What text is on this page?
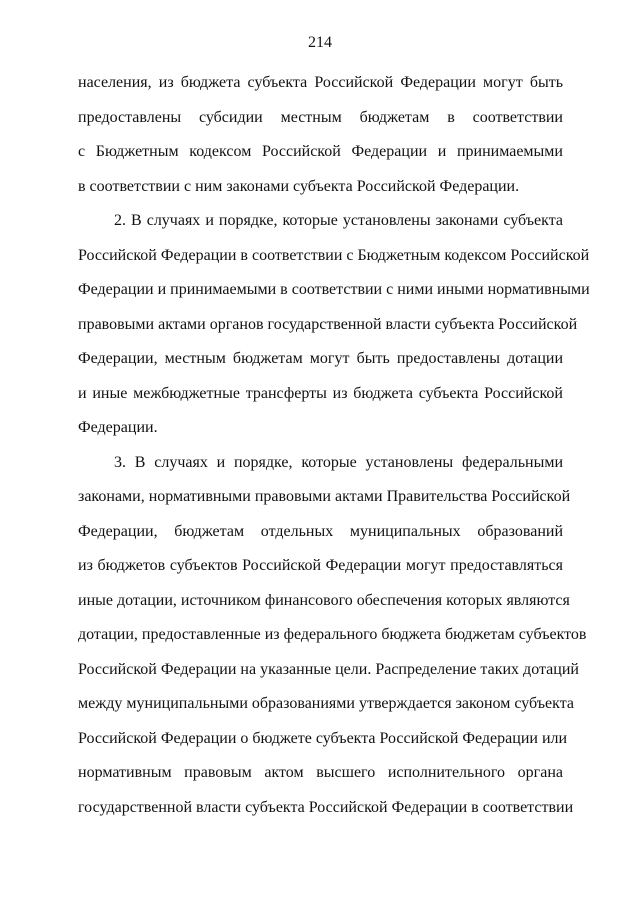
214

населения, из бюджета субъекта Российской Федерации могут быть
предоставлены субсидии местным бюджетам в соответствии
с Бюджетным кодексом Российской Федерации и принимаемыми
в соответствии с ним законами субъекта Российской Федерации.

2. В случаях и порядке, которые установлены законами субъекта
Российской Федерации в соответствии с Бюджетным кодексом Российской
Федерации и принимаемыми в соответствии с ними иными нормативными
правовыми актами органов государственной власти субъекта Российской
Федерации, местным бюджетам могут быть предоставлены дотации
и иные межбюджетные трансферты из бюджета субъекта Российской
Федерации.

3. В случаях и порядке, которые установлены федеральными
законами, нормативными правовыми актами Правительства Российской
Федерации, бюджетам отдельных муниципальных образований
из бюджетов субъектов Российской Федерации могут предоставляться
иные дотации, источником финансового обеспечения которых являются
дотации, предоставленные из федерального бюджета бюджетам субъектов
Российской Федерации на указанные цели. Распределение таких дотаций
между муниципальными образованиями утверждается законом субъекта
Российской Федерации о бюджете субъекта Российской Федерации или
нормативным правовым актом высшего исполнительного органа
государственной власти субъекта Российской Федерации в соответствии
